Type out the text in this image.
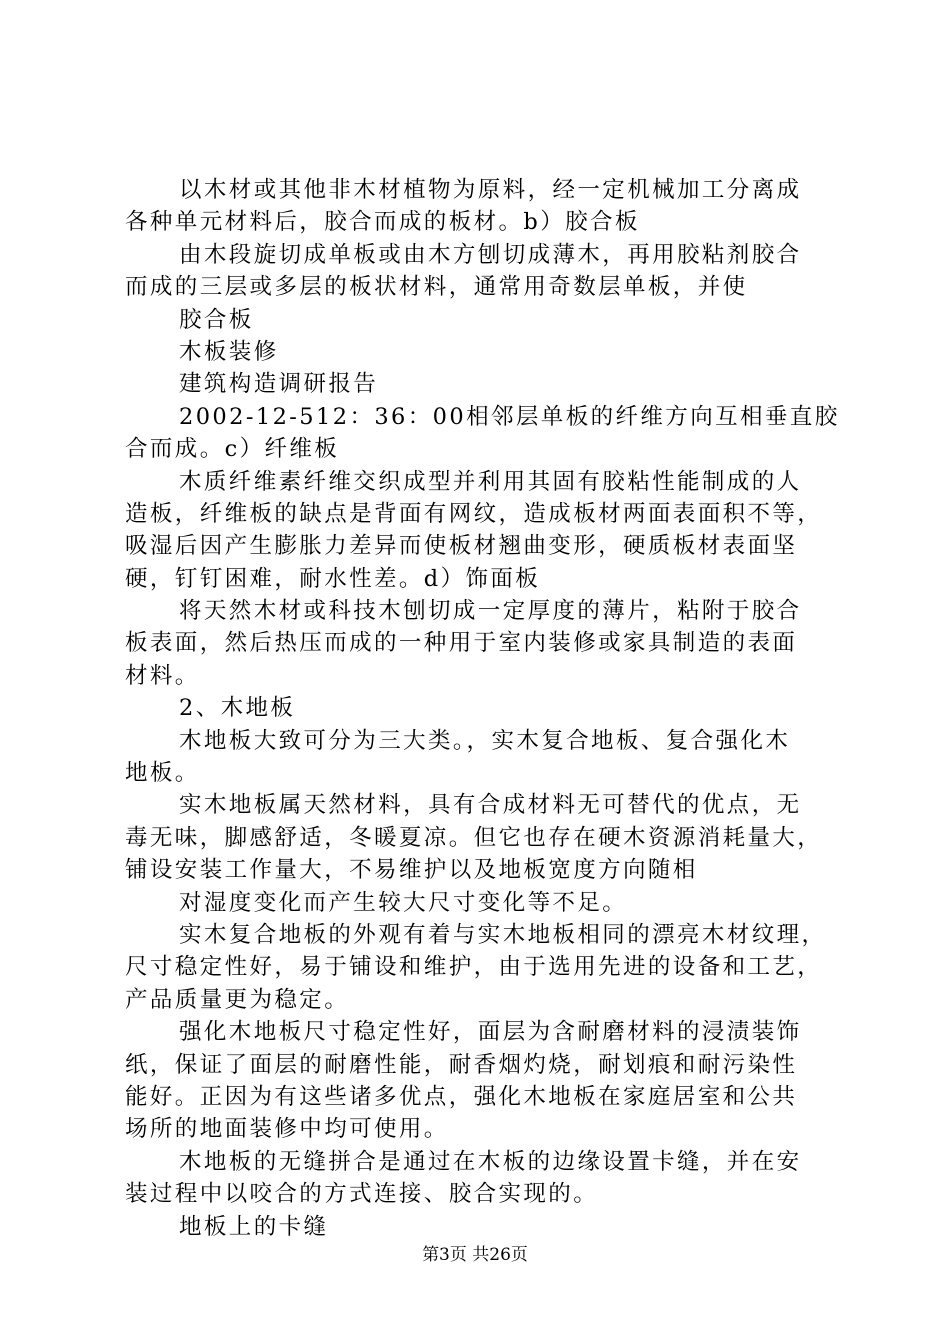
以木材或其他非木材植物为原料，经一定机械加工分离成
各种单元材料后，胶合而成的板材。b）胶合板
由木段旋切成单板或由木方刨切成薄木，再用胶粘剂胶合
而成的三层或多层的板状材料，通常用奇数层单板，并使
胶合板
木板装修
建筑构造调研报告
2002-12-512：36：00相邻层单板的纤维方向互相垂直胶
合而成。c）纤维板
木质纤维素纤维交织成型并利用其固有胶粘性能制成的人
造板，纤维板的缺点是背面有网纹，造成板材两面表面积不等，
吸湿后因产生膨胀力差异而使板材翘曲变形，硬质板材表面坚
硬，钉钉困难，耐水性差。d）饰面板
将天然木材或科技木刨切成一定厚度的薄片，粘附于胶合
板表面，然后热压而成的一种用于室内装修或家具制造的表面
材料。
2、木地板
木地板大致可分为三大类。，实木复合地板、复合强化木
地板。
实木地板属天然材料，具有合成材料无可替代的优点，无
毒无味，脚感舒适，冬暖夏凉。但它也存在硬木资源消耗量大，
铺设安装工作量大，不易维护以及地板宽度方向随相
对湿度变化而产生较大尺寸变化等不足。
实木复合地板的外观有着与实木地板相同的漂亮木材纹理，
尺寸稳定性好，易于铺设和维护，由于选用先进的设备和工艺，
产品质量更为稳定。
强化木地板尺寸稳定性好，面层为含耐磨材料的浸渍装饰
纸，保证了面层的耐磨性能，耐香烟灼烧，耐划痕和耐污染性
能好。正因为有这些诸多优点，强化木地板在家庭居室和公共
场所的地面装修中均可使用。
木地板的无缝拼合是通过在木板的边缘设置卡缝，并在安
装过程中以咬合的方式连接、胶合实现的。
地板上的卡缝
第3页 共26页
